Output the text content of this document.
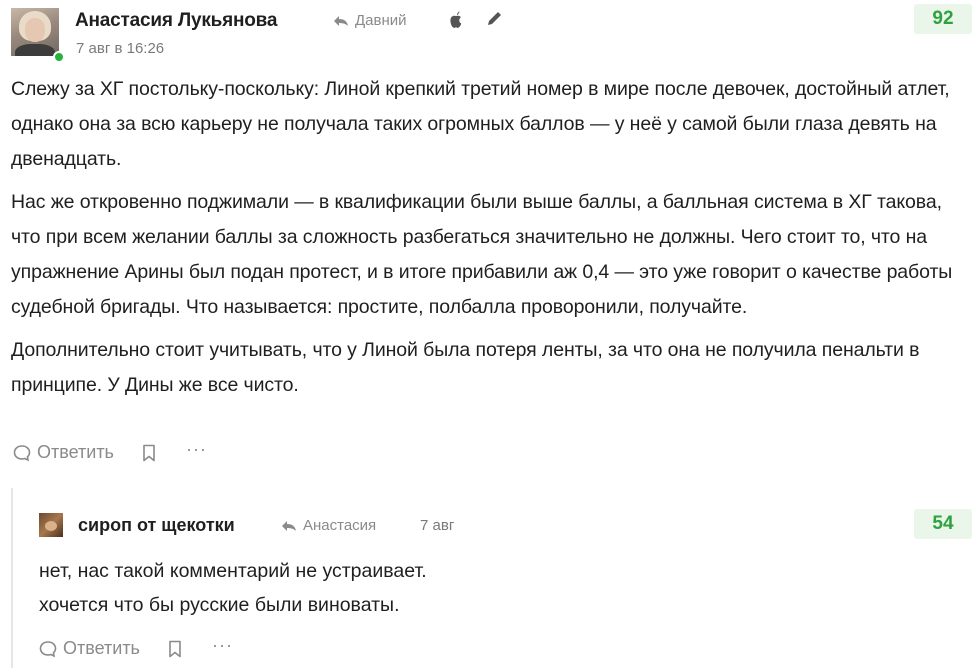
Анастасия Лукьянова	Давний
7 авг в 16:26
92

Слежу за ХГ постольку-поскольку: Линой крепкий третий номер в мире после девочек, достойный атлет, однако она за всю карьеру не получала таких огромных баллов — у неё у самой были глаза девять на двенадцать.

Нас же откровенно поджимали — в квалификации были выше баллы, а балльная система в ХГ такова, что при всем желании баллы за сложность разбегаться значительно не должны. Чего стоит то, что на упражнение Арины был подан протест, и в итоге прибавили аж 0,4 — это уже говорит о качестве работы судебной бригады. Что называется: простите, полбалла проворонили, получайте.

Дополнительно стоит учитывать, что у Линой была потеря ленты, за что она не получила пенальти в принципе. У Дины же все чисто.

Ответить	···
сироп от щекотки	Анастасия	7 авг	54
нет, нас такой комментарий не устраивает.
хочется что бы русские были виноваты.
Ответить	···
